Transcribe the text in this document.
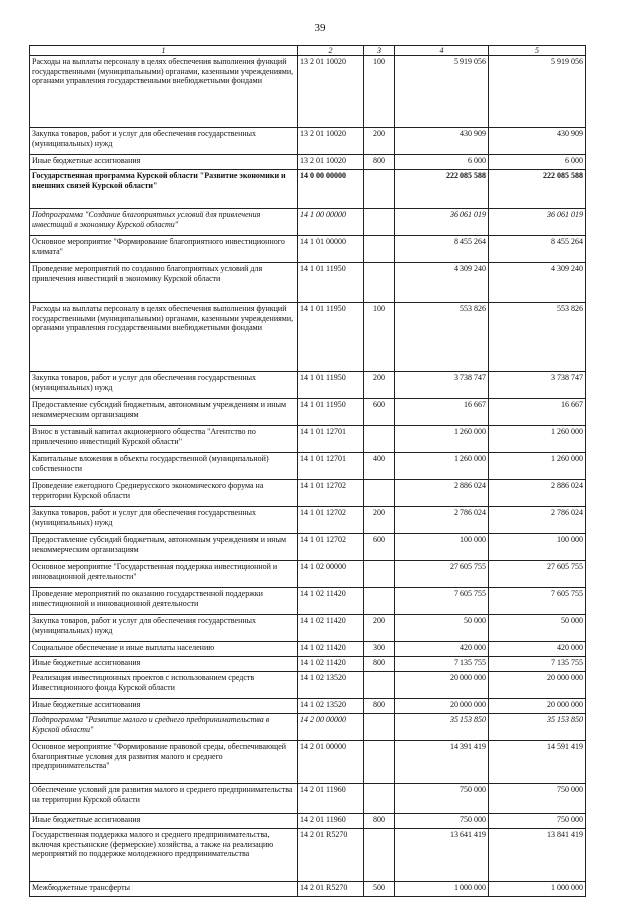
39
1	2	3	4	5
Расходы на выплаты персоналу в целях обеспечения выполнения функций государственными (муниципальными) органами, казенными учреждениями, органами управления государственными внебюджетными фондами	13 2 01 10020	100	5 919 056	5 919 056
Закупка товаров, работ и услуг для обеспечения государственных (муниципальных) нужд	13 2 01 10020	200	430 909	430 909
Иные бюджетные ассигнования	13 2 01 10020	800	6 000	6 000
Государственная программа Курской области "Развитие экономики и внешних связей Курской области"	14 0 00 00000		222 085 588	222 085 588
Подпрограмма "Создание благоприятных условий для привлечения инвестиций в экономику Курской области"	14 1 00 00000		36 061 019	36 061 019
Основное мероприятие "Формирование благоприятного инвестиционного климата"	14 1 01 00000		8 455 264	8 455 264
Проведение мероприятий по созданию благоприятных условий для привлечения инвестиций в экономику Курской области	14 1 01 11950		4 309 240	4 309 240
Расходы на выплаты персоналу в целях обеспечения выполнения функций государственными (муниципальными) органами, казенными учреждениями, органами управления государственными внебюджетными фондами	14 1 01 11950	100	553 826	553 826
Закупка товаров, работ и услуг для обеспечения государственных (муниципальных) нужд	14 1 01 11950	200	3 738 747	3 738 747
Предоставление субсидий бюджетным, автономным учреждениям и иным некоммерческим организациям	14 1 01 11950	600	16 667	16 667
Взнос в уставный капитал акционерного общества "Агентство по привлечению инвестиций Курской области"	14 1 01 12701		1 260 000	1 260 000
Капитальные вложения в объекты государственной (муниципальной) собственности	14 1 01 12701	400	1 260 000	1 260 000
Проведение ежегодного Среднерусского экономического форума на территории Курской области	14 1 01 12702		2 886 024	2 886 024
Закупка товаров, работ и услуг для обеспечения государственных (муниципальных) нужд	14 1 01 12702	200	2 786 024	2 786 024
Предоставление субсидий бюджетным, автономным учреждениям и иным некоммерческим организациям	14 1 01 12702	600	100 000	100 000
Основное мероприятие "Государственная поддержка инвестиционной и инновационной деятельности"	14 1 02 00000		27 605 755	27 605 755
Проведение мероприятий по оказанию государственной поддержки инвестиционной и инновационной деятельности	14 1 02 11420		7 605 755	7 605 755
Закупка товаров, работ и услуг для обеспечения государственных (муниципальных) нужд	14 1 02 11420	200	50 000	50 000
Социальное обеспечение и иные выплаты населению	14 1 02 11420	300	420 000	420 000
Иные бюджетные ассигнования	14 1 02 11420	800	7 135 755	7 135 755
Реализация инвестиционных проектов с использованием средств Инвестиционного фонда Курской области	14 1 02 13520		20 000 000	20 000 000
Иные бюджетные ассигнования	14 1 02 13520	800	20 000 000	20 000 000
Подпрограмма "Развитие малого и среднего предпринимательства в Курской области"	14 2 00 00000		35 153 850	35 153 850
Основное мероприятие "Формирование правовой среды, обеспечивающей благоприятные условия для развития малого и среднего предпринимательства"	14 2 01 00000		14 391 419	14 591 419
Обеспечение условий для развития малого и среднего предпринимательства на территории Курской области	14 2 01 11960		750 000	750 000
Иные бюджетные ассигнования	14 2 01 11960	800	750 000	750 000
Государственная поддержка малого и среднего предпринимательства, включая крестьянские (фермерские) хозяйства, а также на реализацию мероприятий по поддержке молодежного предпринимательства	14 2 01 R5270		13 641 419	13 841 419
Межбюджетные трансферты	14 2 01 R5270	500	1 000 000	1 000 000
